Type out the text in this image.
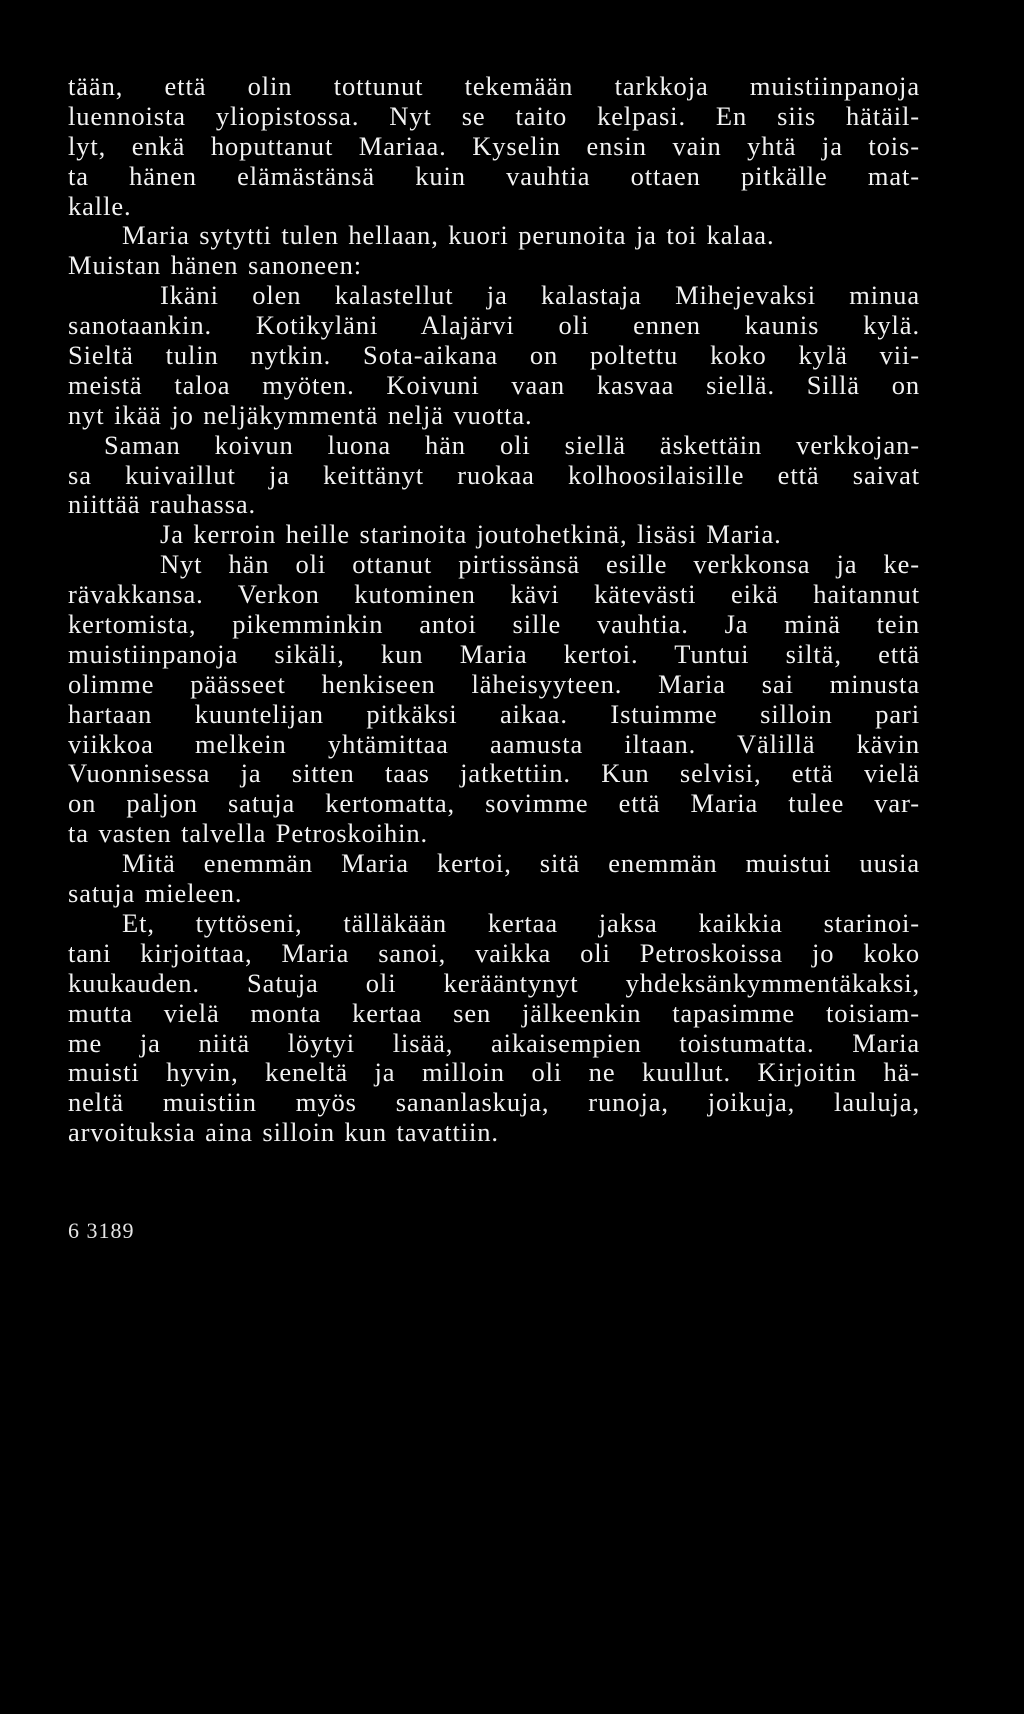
tään, että olin tottunut tekemään tarkkoja muistiinpanoja
luennoista yliopistossa. Nyt se taito kelpasi. En siis hätäil-
lyt, enkä hoputtanut Mariaa. Kyselin ensin vain yhtä ja tois-
ta hänen elämästänsä kuin vauhtia ottaen pitkälle mat-
kalle.
Maria sytytti tulen hellaan, kuori perunoita ja toi kalaa.
Muistan hänen sanoneen:
Ikäni olen kalastellut ja kalastaja Mihejevaksi minua
sanotaankin. Kotikyläni Alajärvi oli ennen kaunis kylä.
Sieltä tulin nytkin. Sota-aikana on poltettu koko kylä vii-
meistä taloa myöten. Koivuni vaan kasvaa siellä. Sillä on
nyt ikää jo neljäkymmentä neljä vuotta.
Saman koivun luona hän oli siellä äskettäin verkkojan-
sa kuivaillut ja keittänyt ruokaa kolhoosilaisille että saivat
niittää rauhassa.
Ja kerroin heille starinoita joutohetkinä, lisäsi Maria.
Nyt hän oli ottanut pirtissänsä esille verkkonsa ja ke-
rävakkansa. Verkon kutominen kävi kätevästi eikä haitannut
kertomista, pikemminkin antoi sille vauhtia. Ja minä tein
muistiinpanoja sikäli, kun Maria kertoi. Tuntui siltä, että
olimme päässeet henkiseen läheisyyteen. Maria sai minusta
hartaan kuuntelijan pitkäksi aikaa. Istuimme silloin pari
viikkoa melkein yhtämittaa aamusta iltaan. Välillä kävin
Vuonnisessa ja sitten taas jatkettiin. Kun selvisi, että vielä
on paljon satuja kertomatta, sovimme että Maria tulee var-
ta vasten talvella Petroskoihin.
Mitä enemmän Maria kertoi, sitä enemmän muistui uusia
satuja mieleen.
Et, tyttöseni, tälläkään kertaa jaksa kaikkia starinoi-
tani kirjoittaa, Maria sanoi, vaikka oli Petroskoissa jo koko
kuukauden. Satuja oli kerääntynyt yhdeksänkymmentäkaksi,
mutta vielä monta kertaa sen jälkeenkin tapasimme toisiam-
me ja niitä löytyi lisää, aikaisempien toistumatta. Maria
muisti hyvin, keneltä ja milloin oli ne kuullut. Kirjoitin hä-
neltä muistiin myös sananlaskuja, runoja, joikuja, lauluja,
arvoituksia aina silloin kun tavattiin.
6 3189
